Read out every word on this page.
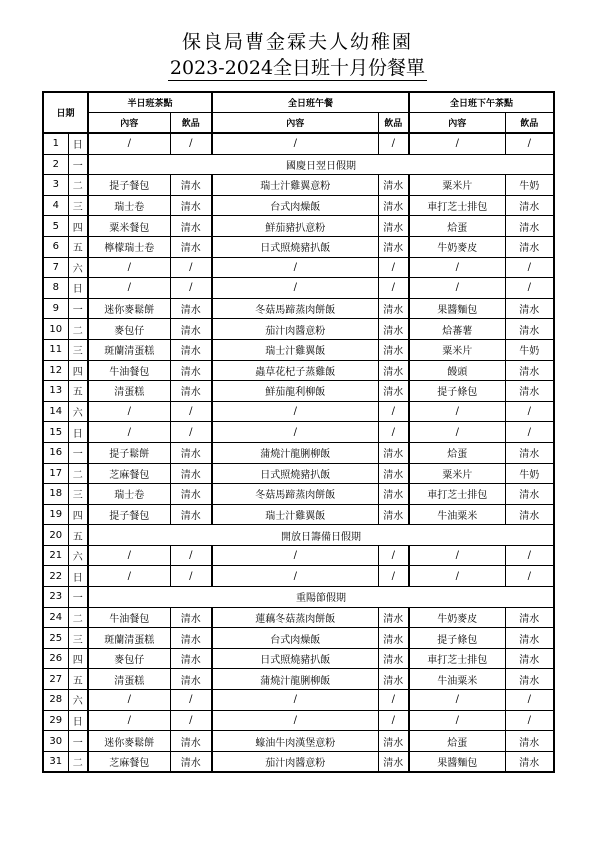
保良局曹金霖夫人幼稚園
2023-2024全日班十月份餐單
日期		半日班茶點		全日班午餐		全日班下午茶點	
		內容	飲品	內容	飲品	內容	飲品
1	日	/	/	/	/	/	/
2	一	國慶日翌日假期					
3	二	提子餐包	清水	瑞士汁雞翼意粉	清水	粟米片	牛奶
4	三	瑞士卷	清水	台式肉燥飯	清水	車打芝士排包	清水
5	四	粟米餐包	清水	鮮茄豬扒意粉	清水	烚蛋	清水
6	五	檸檬瑞士卷	清水	日式照燒豬扒飯	清水	牛奶麥皮	清水
7	六	/	/	/	/	/	/
8	日	/	/	/	/	/	/
9	一	迷你麥鬆餅	清水	冬菇馬蹄蒸肉餅飯	清水	果醬麵包	清水
10	二	麥包仔	清水	茄汁肉醬意粉	清水	烚蕃薯	清水
11	三	斑蘭清蛋糕	清水	瑞士汁雞翼飯	清水	粟米片	牛奶
12	四	牛油餐包	清水	蟲草花杞子蒸雞飯	清水	饅頭	清水
13	五	清蛋糕	清水	鮮茄龍利柳飯	清水	提子條包	清水
14	六	/	/	/	/	/	/
15	日	/	/	/	/	/	/
16	一	提子鬆餅	清水	蒲燒汁龍脷柳飯	清水	烚蛋	清水
17	二	芝麻餐包	清水	日式照燒豬扒飯	清水	粟米片	牛奶
18	三	瑞士卷	清水	冬菇馬蹄蒸肉餅飯	清水	車打芝士排包	清水
19	四	提子餐包	清水	瑞士汁雞翼飯	清水	牛油粟米	清水
20	五	開放日籌備日假期					
21	六	/	/	/	/	/	/
22	日	/	/	/	/	/	/
23	一	重陽節假期					
24	二	牛油餐包	清水	蓮藕冬菇蒸肉餅飯	清水	牛奶麥皮	清水
25	三	斑蘭清蛋糕	清水	台式肉燥飯	清水	提子條包	清水
26	四	麥包仔	清水	日式照燒豬扒飯	清水	車打芝士排包	清水
27	五	清蛋糕	清水	蒲燒汁龍脷柳飯	清水	牛油粟米	清水
28	六	/	/	/	/	/	/
29	日	/	/	/	/	/	/
30	一	迷你麥鬆餅	清水	蠔油牛肉漢堡意粉	清水	烚蛋	清水
31	二	芝麻餐包	清水	茄汁肉醬意粉	清水	果醬麵包	清水
